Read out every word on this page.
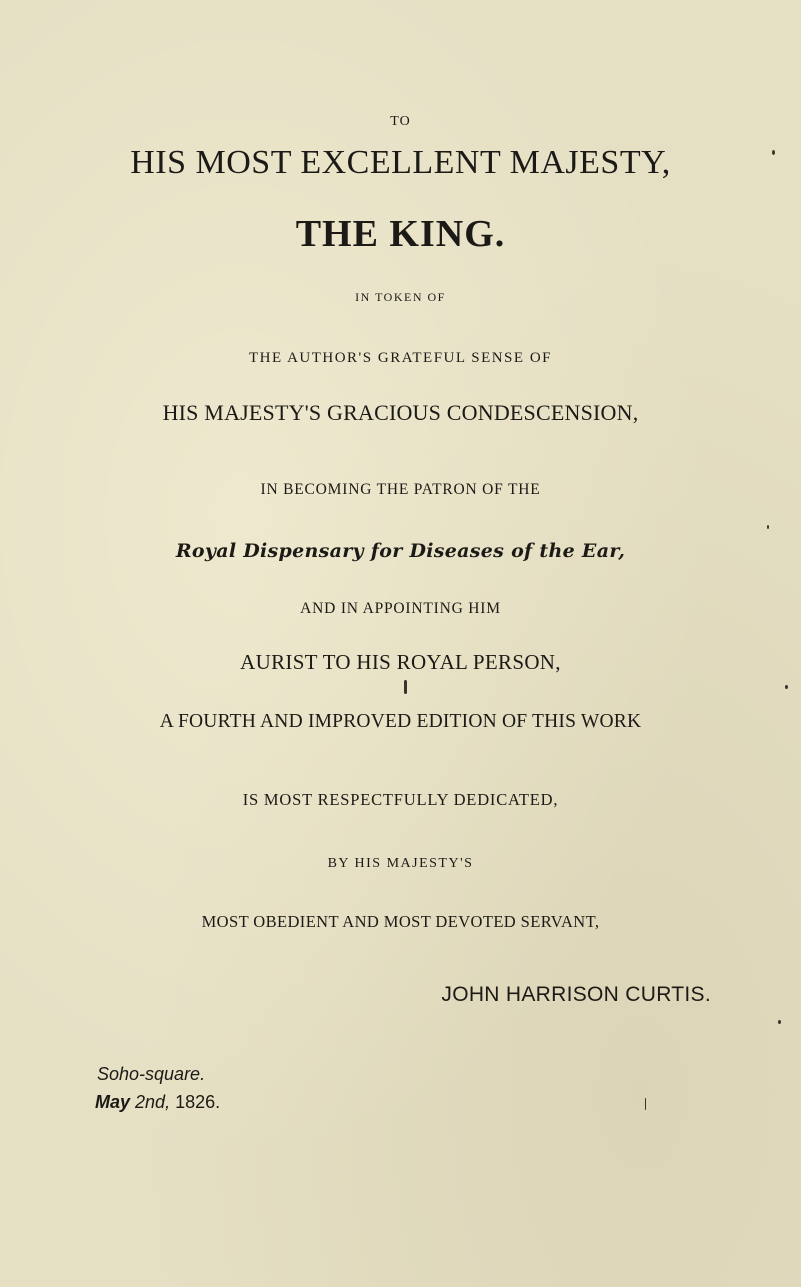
TO
HIS MOST EXCELLENT MAJESTY,
THE KING.
IN TOKEN OF
THE AUTHOR'S GRATEFUL SENSE OF
HIS MAJESTY'S GRACIOUS CONDESCENSION,
IN BECOMING THE PATRON OF THE
Royal Dispensary for Diseases of the Ear,
AND IN APPOINTING HIM
AURIST TO HIS ROYAL PERSON,
A FOURTH AND IMPROVED EDITION OF THIS WORK
IS MOST RESPECTFULLY DEDICATED,
BY HIS MAJESTY'S
MOST OBEDIENT AND MOST DEVOTED SERVANT,
JOHN HARRISON CURTIS.
Soho-square.
May 2nd, 1826.
